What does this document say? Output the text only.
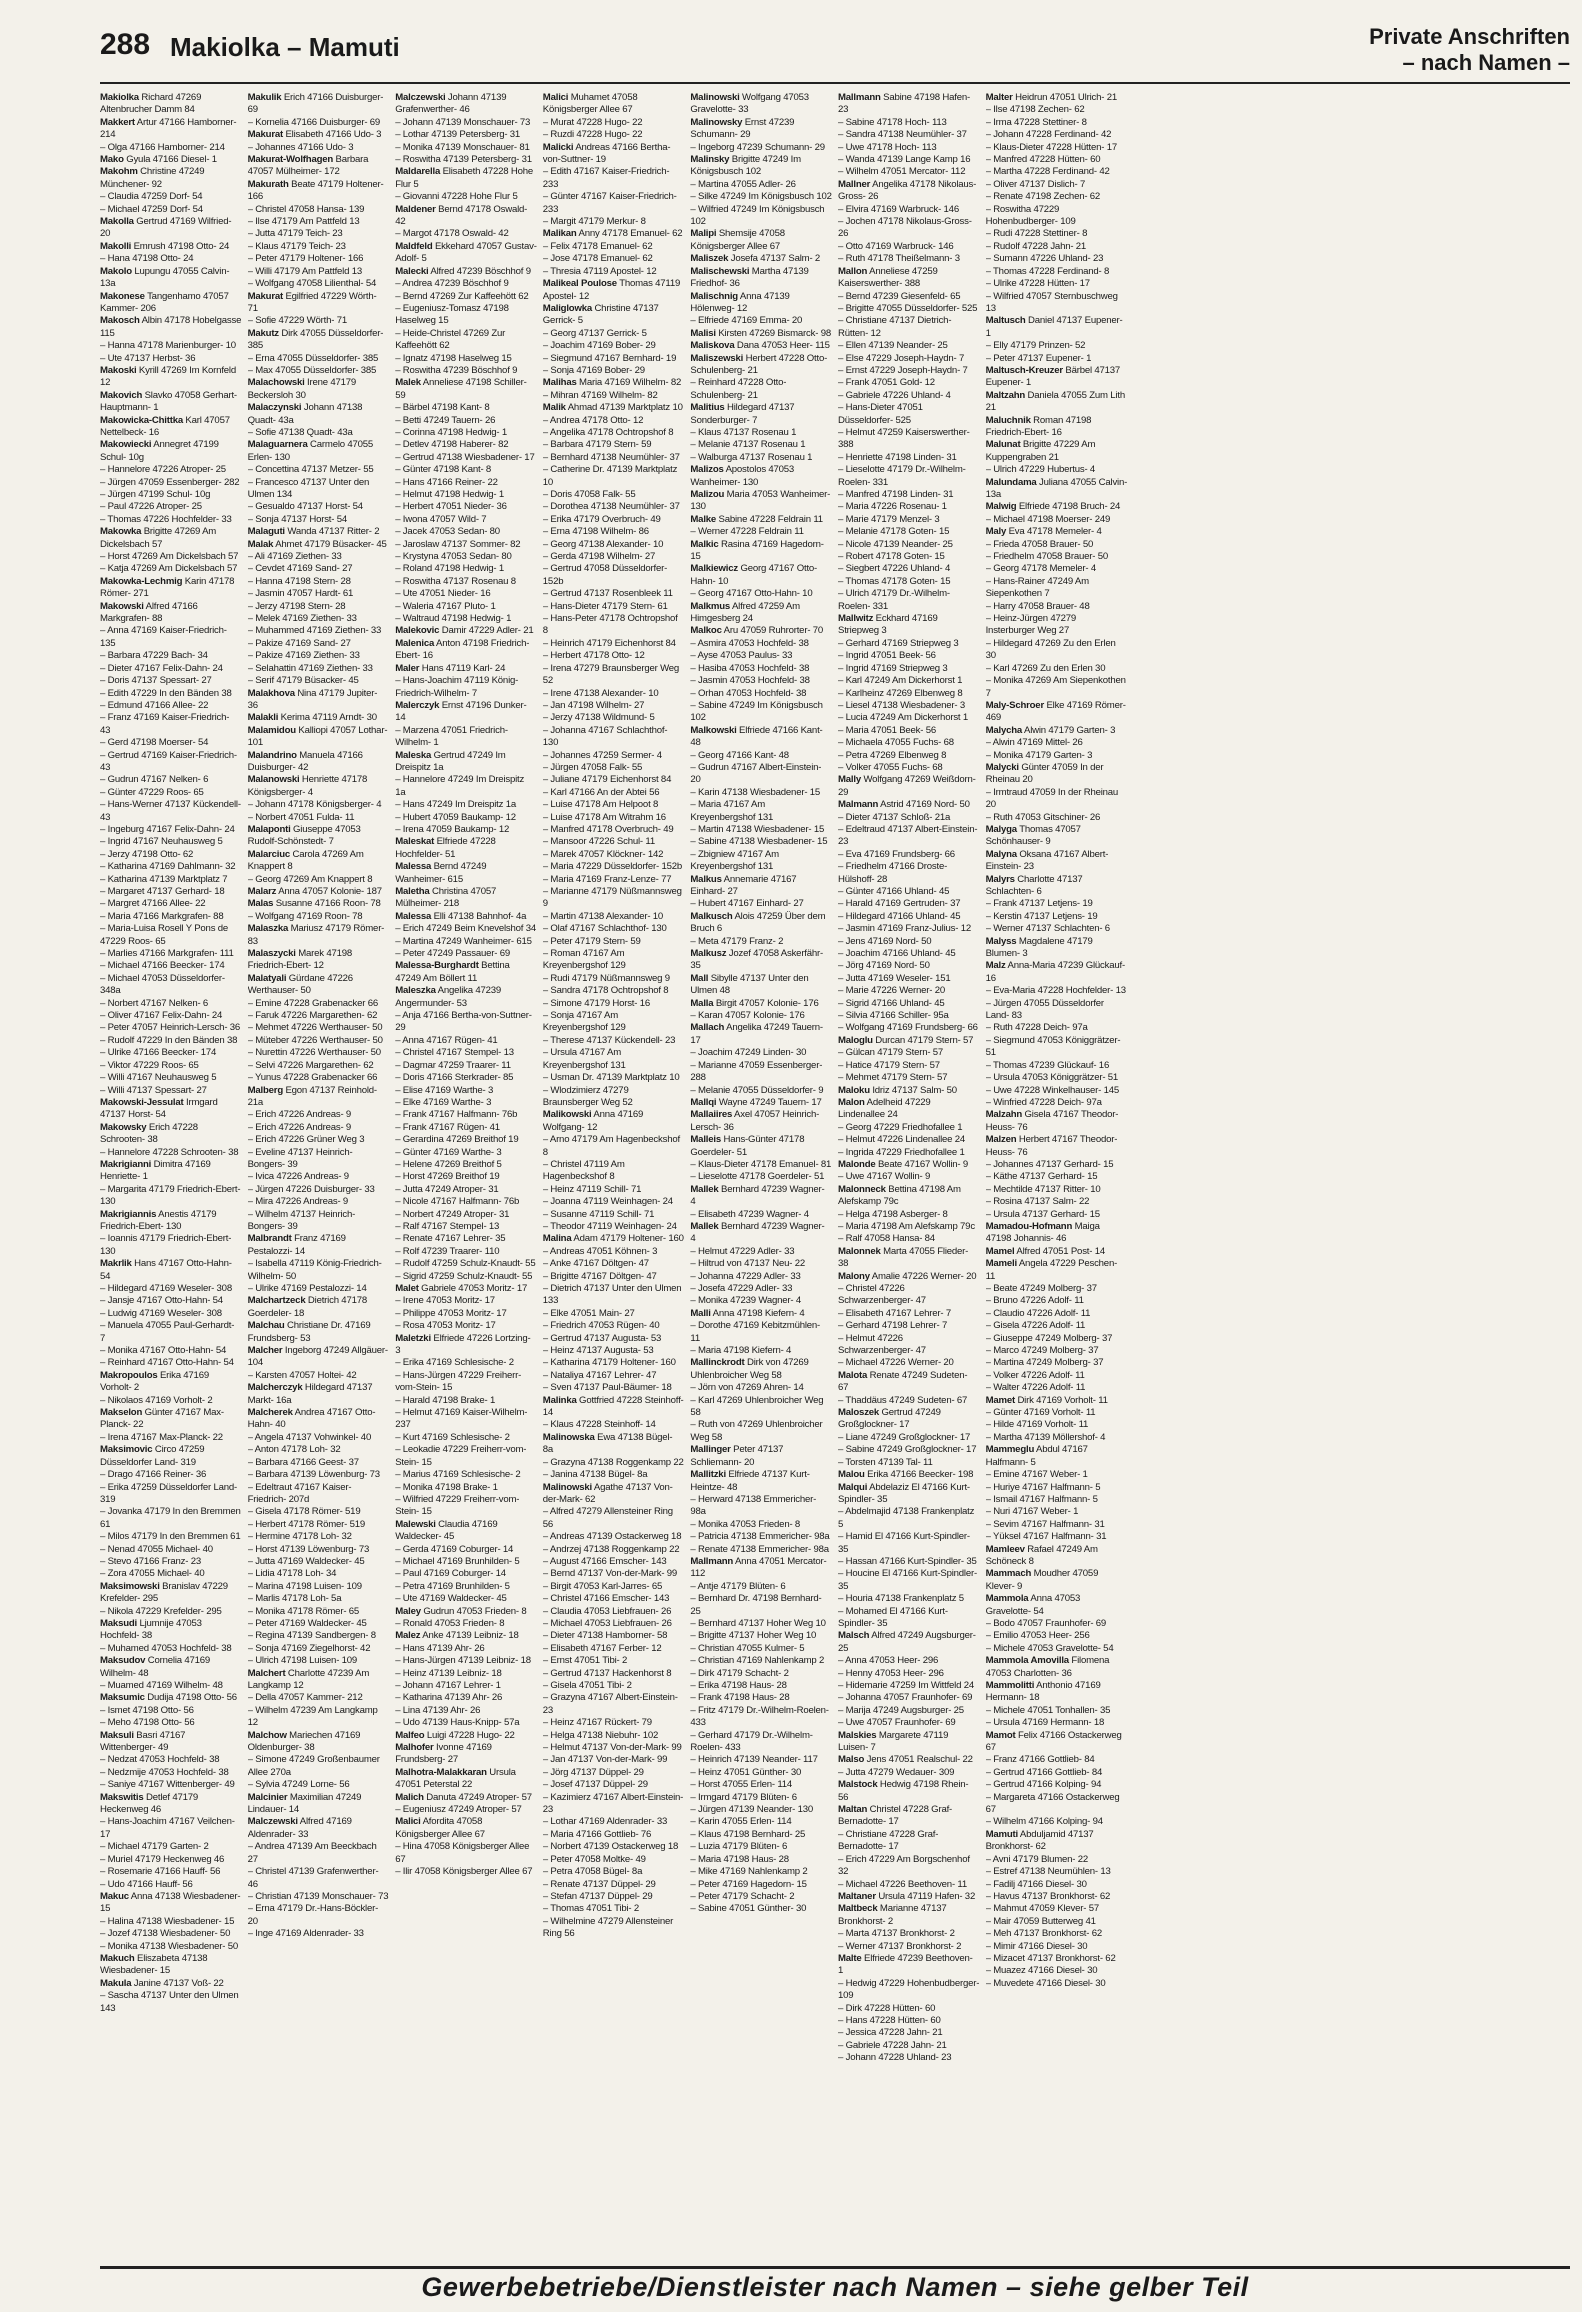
288 Makiolka – Mamuti	Private Anschriften
– nach Namen –
Makiolka Richard 47269 Altenbrucher Damm 84
Makkert Artur 47166 Hamborner- 214
– Olga 47166 Hamborner- 214
Mako Gyula 47166 Diesel- 1
Makohm Christine 47249 Münchener- 92
– Claudia 47259 Dorf- 54
– Michael 47259 Dorf- 54
Makolla Gertrud 47169 Wilfried- 20
Makolli Emrush 47198 Otto- 24
– Hana 47198 Otto- 24
Makolo Lupungu 47055 Calvin- 13a
Makonese Tangenhamo 47057 Kammer- 206
Makosch Albin 47178 Hobelgasse 115
– Hanna 47178 Marienburger- 10
– Ute 47137 Herbst- 36
Makoski Kyrill 47269 Im Kornfeld 12
Makovich Slavko 47058 Gerhart-Hauptmann- 1
Makowicka-Chittka Karl 47057 Nettelbeck- 16
Makowiecki Annegret 47199 Schul- 10g
– Hannelore 47226 Atroper- 25
– Jürgen 47059 Essenberger- 282
– Jürgen 47199 Schul- 10g
– Paul 47226 Atroper- 25
– Thomas 47226 Hochfelder- 33
Makowka Brigitte 47269 Am Dickelsbach 57
– Horst 47269 Am Dickelsbach 57
– Katja 47269 Am Dickelsbach 57
Makowka-Lechmig Karin 47178 Römer- 271
Makowski Alfred 47166 Markgrafen- 88
– Anna 47169 Kaiser-Friedrich- 135
– Barbara 47229 Bach- 34
– Dieter 47167 Felix-Dahn- 24
– Doris 47137 Spessart- 27
– Edith 47229 In den Bänden 38
– Edmund 47166 Allee- 22
– Franz 47169 Kaiser-Friedrich- 43
– Gerd 47198 Moerser- 54
– Gertrud 47169 Kaiser-Friedrich- 43
– Gudrun 47167 Nelken- 6
– Günter 47229 Roos- 65
– Hans-Werner 47137 Kückendell- 43
– Ingeburg 47167 Felix-Dahn- 24
– Ingrid 47167 Neuhausweg 5
– Jerzy 47198 Otto- 62
– Katharina 47169 Dahlmann- 32
– Katharina 47139 Marktplatz 7
– Margaret 47137 Gerhard- 18
– Margret 47166 Allee- 22
– Maria 47166 Markgrafen- 88
– Maria-Luisa Rosell Y Pons de 47229 Roos- 65
– Marlies 47166 Markgrafen- 111
– Michael 47166 Beecker- 174
– Michael 47053 Düsseldorfer- 348a
– Norbert 47167 Nelken- 6
– Oliver 47167 Felix-Dahn- 24
– Peter 47057 Heinrich-Lersch- 36
– Rudolf 47229 In den Bänden 38
– Ulrike 47166 Beecker- 174
– Viktor 47229 Roos- 65
– Willi 47167 Neuhausweg 5
– Willi 47137 Spessart- 27
Makowski-Jessulat Irmgard 47137 Horst- 54
Makowsky Erich 47228 Schrooten- 38
– Hannelore 47228 Schrooten- 38
Makrigianni Dimitra 47169 Henriette- 1
– Margarita 47179 Friedrich-Ebert- 130
Makrigiannis Anestis 47179 Friedrich-Ebert- 130
– Ioannis 47179 Friedrich-Ebert- 130
Makrlik Hans 47167 Otto-Hahn- 54
– Hildegard 47169 Weseler- 308
– Jansje 47167 Otto-Hahn- 54
– Ludwig 47169 Weseler- 308
– Manuela 47055 Paul-Gerhardt- 7
– Monika 47167 Otto-Hahn- 54
– Reinhard 47167 Otto-Hahn- 54
Makropoulos Erika 47169 Vorholt- 2
– Nikolaos 47169 Vorholt- 2
Makselon Günter 47167 Max-Planck- 22
– Irena 47167 Max-Planck- 22
Maksimovic Circo 47259 Düsseldorfer Land- 319
– Drago 47166 Reiner- 36
– Erika 47259 Düsseldorfer Land- 319
– Jovanka 47179 In den Bremmen 61
– Milos 47179 In den Bremmen 61
– Nenad 47055 Michael- 40
– Stevo 47166 Franz- 23
– Zora 47055 Michael- 40
Maksimowski Branislav 47229 Krefelder- 295
– Nikola 47229 Krefelder- 295
Maksudi Ljumnije 47053 Hochfeld- 38
– Muhamed 47053 Hochfeld- 38
Maksudov Cornelia 47169 Wilhelm- 48
– Muamed 47169 Wilhelm- 48
Maksumic Dudija 47198 Otto- 56
– Ismet 47198 Otto- 56
– Meho 47198 Otto- 56
Maksuli Basri 47167 Wittenberger- 49
– Nedzat 47053 Hochfeld- 38
– Nedzmije 47053 Hochfeld- 38
– Saniye 47167 Wittenberger- 49
Makswitis Detlef 47179 Heckenweg 46
– Hans-Joachim 47167 Veilchen- 17
– Michael 47179 Garten- 2
– Muriel 47179 Heckenweg 46
– Rosemarie 47166 Hauff- 56
– Udo 47166 Hauff- 56
Makuc Anna 47138 Wiesbadener- 15
– Halina 47138 Wiesbadener- 15
– Jozef 47138 Wiesbadener- 50
– Monika 47138 Wiesbadener- 50
Makuch Eliszabeta 47138 Wiesbadener- 15
Makula Janine 47137 Voß- 22
– Sascha 47137 Unter den Ulmen 143
Makulik Erich 47166 Duisburger- 69
– Kornelia 47166 Duisburger- 69
Makurat Elisabeth 47166 Udo- 3
– Johannes 47166 Udo- 3
Makurat-Wolfhagen Barbara 47057 Mülheimer- 172
Makurath Beate 47179 Holtener- 166
– Christel 47058 Hansa- 139
– Ilse 47179 Am Pattfeld 13
– Jutta 47179 Teich- 23
– Klaus 47179 Teich- 23
– Peter 47179 Holtener- 166
– Willi 47179 Am Pattfeld 13
– Wolfgang 47058 Lilienthal- 54
Makurat Egilfried 47229 Wörth- 71
– Sofie 47229 Wörth- 71
Makutz Dirk 47055 Düsseldorfer- 385
– Erna 47055 Düsseldorfer- 385
– Max 47055 Düsseldorfer- 385
Malachowski Irene 47179 Beckersloh 30
Malaczynski Johann 47138 Quadt- 43a
– Sofie 47138 Quadt- 43a
Malaguarnera Carmelo 47055 Erlen- 130
– Concettina 47137 Metzer- 55
– Francesco 47137 Unter den Ulmen 134
– Gesualdo 47137 Horst- 54
– Sonja 47137 Horst- 54
Malaguti Wanda 47137 Ritter- 2
Malak Ahmet 47179 Büsacker- 45
– Ali 47169 Ziethen- 33
– Cevdet 47169 Sand- 27
– Hanna 47198 Stern- 28
– Jasmin 47057 Hardt- 61
– Jerzy 47198 Stern- 28
– Melek 47169 Ziethen- 33
– Muhammed 47169 Ziethen- 33
– Pakize 47169 Sand- 27
– Pakize 47169 Ziethen- 33
– Selahattin 47169 Ziethen- 33
– Serif 47179 Büsacker- 45
Malakhova Nina 47179 Jupiter- 36
Malakli Kerima 47119 Arndt- 30
Malamidou Kalliopi 47057 Lothar- 101
Malandrino Manuela 47166 Duisburger- 42
Malanowski Henriette 47178 Königsberger- 4
– Johann 47178 Königsberger- 4
– Norbert 47051 Fulda- 11
Malaponti Giuseppe 47053 Rudolf-Schönstedt- 7
Malarciuc Carola 47269 Am Knappert 8
– Georg 47269 Am Knappert 8
Malarz Anna 47057 Kolonie- 187
Malas Susanne 47166 Roon- 78
– Wolfgang 47169 Roon- 78
Malaszka Mariusz 47179 Römer- 83
Malaszycki Marek 47198 Friedrich-Ebert- 12
Malatyali Gürdane 47226 Werthauser- 50
– Emine 47228 Grabenacker 66
– Faruk 47226 Margarethen- 62
– Mehmet 47226 Werthauser- 50
– Müteber 47226 Werthauser- 50
– Nurettin 47226 Werthauser- 50
– Selvi 47226 Margarethen- 62
– Yunus 47228 Grabenacker 66
Malberg Egon 47137 Reinhold- 21a
– Erich 47226 Andreas- 9
– Erich 47226 Andreas- 9
– Erich 47226 Grüner Weg 3
– Eveline 47137 Heinrich-Bongers- 39
– Ivica 47226 Andreas- 9
– Jürgen 47226 Duisburger- 33
– Mira 47226 Andreas- 9
– Wilhelm 47137 Heinrich-Bongers- 39
Malbrandt Franz 47169 Pestalozzi- 14
– Isabella 47119 König-Friedrich-Wilhelm- 50
– Ulrike 47169 Pestalozzi- 14
Malchartzeck Dietrich 47178 Goerdeler- 18
Malchau Christiane Dr. 47169 Frundsberg- 53
Malcher Ingeborg 47249 Allgäuer- 104
– Karsten 47057 Holtei- 42
Malcherczyk Hildegard 47137 Markt- 16a
Malcherek Andrea 47167 Otto-Hahn- 40
– Angela 47137 Vohwinkel- 40
– Anton 47178 Loh- 32
– Barbara 47166 Geest- 37
– Barbara 47139 Löwenburg- 73
– Edeltraut 47167 Kaiser-Friedrich- 207d
– Gisela 47178 Römer- 519
– Herbert 47178 Römer- 519
– Hermine 47178 Loh- 32
– Horst 47139 Löwenburg- 73
– Jutta 47169 Waldecker- 45
– Lidia 47178 Loh- 34
– Marina 47198 Luisen- 109
– Marlis 47178 Loh- 5a
– Monika 47178 Römer- 65
– Peter 47169 Waldecker- 45
– Regina 47139 Sandbergen- 8
– Sonja 47169 Ziegelhorst- 42
– Ulrich 47198 Luisen- 109
Malchert Charlotte 47239 Am Langkamp 12
– Della 47057 Kammer- 212
– Wilhelm 47239 Am Langkamp 12
Malchow Mariechen 47169 Oldenburger- 38
– Simone 47249 Großenbaumer Allee 270a
– Sylvia 47249 Lorne- 56
Malcinier Maximilian 47249 Lindauer- 14
Malczewski Alfred 47169 Aldenrader- 33
– Andrea 47139 Am Beeckbach 27
– Christel 47139 Grafenwerther- 46
– Christian 47139 Monschauer- 73
– Erna 47179 Dr.-Hans-Böckler- 20
– Inge 47169 Aldenrader- 33
Malczewski Johann 47139 Grafenwerther- 46
– Johann 47139 Monschauer- 73
– Lothar 47139 Petersberg- 31
– Monika 47139 Monschauer- 81
– Roswitha 47139 Petersberg- 31
Maldarella Elisabeth 47228 Hohe Flur 5
– Giovanni 47228 Hohe Flur 5
Maldener Bernd 47178 Oswald- 42
– Margot 47178 Oswald- 42
Maldfeld Ekkehard 47057 Gustav-Adolf- 5
Malecki Alfred 47239 Böschhof 9
– Andrea 47239 Böschhof 9
– Bernd 47269 Zur Kaffeehött 62
– Eugeniusz-Tomasz 47198 Haselweg 15
– Heide-Christel 47269 Zur Kaffeehött 62
– Ignatz 47198 Haselweg 15
– Roswitha 47239 Böschhof 9
Malek Anneliese 47198 Schiller- 59
– Bärbel 47198 Kant- 8
– Betti 47249 Tauern- 26
– Corinna 47198 Hedwig- 1
– Detlev 47198 Haberer- 82
– Gertrud 47138 Wiesbadener- 17
– Günter 47198 Kant- 8
– Hans 47166 Reiner- 22
– Helmut 47198 Hedwig- 1
– Herbert 47051 Nieder- 36
– Iwona 47057 Wild- 7
– Jacek 47053 Sedan- 80
– Jaroslaw 47137 Sommer- 82
– Krystyna 47053 Sedan- 80
– Roland 47198 Hedwig- 1
– Roswitha 47137 Rosenau 8
– Ute 47051 Nieder- 16
– Waleria 47167 Pluto- 1
– Waltraud 47198 Hedwig- 1
Malekovic Damir 47229 Adler- 21
Malenica Anton 47198 Friedrich-Ebert- 16
Maler Hans 47119 Karl- 24
– Hans-Joachim 47119 König-Friedrich-Wilhelm- 7
Malerczyk Ernst 47196 Dunker- 14
– Marzena 47051 Friedrich-Wilhelm- 1
Maleska Gertrud 47249 Im Dreispitz 1a
– Hannelore 47249 Im Dreispitz 1a
– Hans 47249 Im Dreispitz 1a
– Hubert 47059 Baukamp- 12
– Irena 47059 Baukamp- 12
Maleskat Elfriede 47228 Hochfelder- 51
Malessa Bernd 47249 Wanheimer- 615
Maletha Christina 47057 Mülheimer- 218
Malessa Elli 47138 Bahnhof- 4a
– Erich 47249 Beim Knevelshof 34
– Martina 47249 Wanheimer- 615
– Peter 47249 Passauer- 69
Malessa-Burghardt Bettina 47249 Am Böllert 11
Maleszka Angelika 47239 Angermunder- 53
– Anja 47166 Bertha-von-Suttner- 29
– Anna 47167 Rügen- 41
– Christel 47167 Stempel- 13
– Dagmar 47259 Traarer- 11
– Doris 47166 Sterkrader- 85
– Elise 47169 Warthe- 3
– Elke 47169 Warthe- 3
– Frank 47167 Halfmann- 76b
– Frank 47167 Rügen- 41
– Gerardina 47269 Breithof 19
– Günter 47169 Warthe- 3
– Helene 47269 Breithof 5
– Horst 47269 Breithof 19
– Jutta 47249 Atroper- 31
– Nicole 47167 Halfmann- 76b
– Norbert 47249 Atroper- 31
– Ralf 47167 Stempel- 13
– Renate 47167 Lehrer- 35
– Rolf 47239 Traarer- 110
– Rudolf 47259 Schulz-Knaudt- 55
– Sigrid 47259 Schulz-Knaudt- 55
Malet Gabriele 47053 Moritz- 17
– Irene 47053 Moritz- 17
– Philippe 47053 Moritz- 17
– Rosa 47053 Moritz- 17
Maletzki Elfriede 47226 Lortzing- 3
– Erika 47169 Schlesische- 2
– Hans-Jürgen 47229 Freiherr-vom-Stein- 15
– Harald 47198 Brake- 1
– Helmut 47169 Kaiser-Wilhelm- 237
– Kurt 47169 Schlesische- 2
– Leokadie 47229 Freiherr-vom-Stein- 15
– Marius 47169 Schlesische- 2
– Monika 47198 Brake- 1
– Wilfried 47229 Freiherr-vom-Stein- 15
Malewski Claudia 47169 Waldecker- 45
– Gerda 47169 Coburger- 14
– Michael 47169 Brunhilden- 5
– Paul 47169 Coburger- 14
– Petra 47169 Brunhilden- 5
– Ute 47169 Waldecker- 45
Maley Gudrun 47053 Frieden- 8
– Ronald 47053 Frieden- 8
Malez Anke 47139 Leibniz- 18
– Hans 47139 Ahr- 26
– Hans-Jürgen 47139 Leibniz- 18
– Heinz 47139 Leibniz- 18
– Johann 47167 Lehrer- 1
– Katharina 47139 Ahr- 26
– Lina 47139 Ahr- 26
– Udo 47139 Haus-Knipp- 57a
Malfeo Luigi 47228 Hugo- 22
Malhofer Ivonne 47169 Frundsberg- 27
Malhotra-Malakkaran Ursula 47051 Peterstal 22
Malich Danuta 47249 Atroper- 57
– Eugeniusz 47249 Atroper- 57
Malici Afordita 47058 Königsberger Allee 67
– Hina 47058 Königsberger Allee 67
– Ilir 47058 Königsberger Allee 67
Malici Muhamet 47058 Königsberger Allee 67
– Murat 47228 Hugo- 22
– Ruzdi 47228 Hugo- 22
Malicki Andreas 47166 Bertha-von-Suttner- 19
– Edith 47167 Kaiser-Friedrich- 233
– Günter 47167 Kaiser-Friedrich- 233
– Margit 47179 Merkur- 8
Malikan Anny 47178 Emanuel- 62
– Felix 47178 Emanuel- 62
– Jose 47178 Emanuel- 62
– Thresia 47119 Apostel- 12
Malikeal Poulose Thomas 47119 Apostel- 12
Maliglowka Christine 47137 Gerrick- 5
– Georg 47137 Gerrick- 5
– Joachim 47169 Bober- 29
– Siegmund 47167 Bernhard- 19
– Sonja 47169 Bober- 29
Malihas Maria 47169 Wilhelm- 82
– Mihran 47169 Wilhelm- 82
Malik Ahmad 47139 Marktplatz 10
– Andrea 47178 Otto- 12
– Angelika 47178 Ochtropshof 8
– Barbara 47179 Stern- 59
– Bernhard 47138 Neumühler- 37
– Catherine Dr. 47139 Marktplatz 10
– Doris 47058 Falk- 55
– Dorothea 47138 Neumühler- 37
– Erika 47179 Overbruch- 49
– Erna 47198 Wilhelm- 86
– Georg 47138 Alexander- 10
– Gerda 47198 Wilhelm- 27
– Gertrud 47058 Düsseldorfer- 152b
– Gertrud 47137 Rosenbleek 11
– Hans-Dieter 47179 Stern- 61
– Hans-Peter 47178 Ochtropshof 8
– Heinrich 47179 Eichenhorst 84
– Herbert 47178 Otto- 12
– Irena 47279 Braunsberger Weg 52
– Irene 47138 Alexander- 10
– Jan 47198 Wilhelm- 27
– Jerzy 47138 Wildmund- 5
– Johanna 47167 Schlachthof- 130
– Johannes 47259 Sermer- 4
– Jürgen 47058 Falk- 55
– Juliane 47179 Eichenhorst 84
– Karl 47166 An der Abtei 56
– Luise 47178 Am Helpoot 8
– Luise 47178 Am Witrahm 16
– Manfred 47178 Overbruch- 49
– Mansoor 47226 Schul- 11
– Marek 47057 Klöckner- 142
– Maria 47229 Düsseldorfer- 152b
– Maria 47169 Franz-Lenze- 77
– Marianne 47179 Nüßmannsweg 9
– Martin 47138 Alexander- 10
– Olaf 47167 Schlachthof- 130
– Peter 47179 Stern- 59
– Roman 47167 Am Kreyenbergshof 129
– Rudi 47179 Nüßmannsweg 9
– Sandra 47178 Ochtropshof 8
– Simone 47179 Horst- 16
– Sonja 47167 Am Kreyenbergshof 129
– Therese 47137 Kückendell- 23
– Ursula 47167 Am Kreyenbergshof 131
– Usman Dr. 47139 Marktplatz 10
– Wlodzimierz 47279 Braunsberger Weg 52
Malikowski Anna 47169 Wolfgang- 12
– Arno 47179 Am Hagenbeckshof 8
– Christel 47119 Am Hagenbeckshof 8
– Heinz 47119 Schill- 71
– Joanna 47119 Weinhagen- 24
– Susanne 47119 Schill- 71
– Theodor 47119 Weinhagen- 24
Malina Adam 47179 Holtener- 160
– Andreas 47051 Köhnen- 3
– Anke 47167 Döltgen- 47
– Brigitte 47167 Döltgen- 47
– Dietrich 47137 Unter den Ulmen 133
– Elke 47051 Main- 27
– Friedrich 47053 Rügen- 40
– Gertrud 47137 Augusta- 53
– Heinz 47137 Augusta- 53
– Katharina 47179 Holtener- 160
– Nataliya 47167 Lehrer- 47
– Sven 47137 Paul-Bäumer- 18
Malinka Gottfried 47228 Steinhoff- 14
– Klaus 47228 Steinhoff- 14
Malinowska Ewa 47138 Bügel- 8a
– Grazyna 47138 Roggenkamp 22
– Janina 47138 Bügel- 8a
Malinowski Agathe 47137 Von-der-Mark- 62
– Alfred 47279 Allensteiner Ring 56
– Andreas 47139 Ostackerweg 18
– Andrzej 47138 Roggenkamp 22
– August 47166 Emscher- 143
– Bernd 47137 Von-der-Mark- 99
– Birgit 47053 Karl-Jarres- 65
– Christel 47166 Emscher- 143
– Claudia 47053 Liebfrauen- 26
– Michael 47053 Liebfrauen- 26
– Dieter 47138 Hamborner- 58
– Elisabeth 47167 Ferber- 12
– Ernst 47051 Tibi- 2
– Gertrud 47137 Hackenhorst 8
– Gisela 47051 Tibi- 2
– Grazyna 47167 Albert-Einstein- 23
– Heinz 47167 Rückert- 79
– Helga 47138 Niebuhr- 102
– Helmut 47137 Von-der-Mark- 99
– Jan 47137 Von-der-Mark- 99
– Jörg 47137 Düppel- 29
– Josef 47137 Düppel- 29
– Kazimierz 47167 Albert-Einstein- 23
– Lothar 47169 Aldenrader- 33
– Maria 47166 Gottlieb- 76
– Norbert 47139 Ostackerweg 18
– Peter 47058 Moltke- 49
– Petra 47058 Bügel- 8a
– Renate 47137 Düppel- 29
– Stefan 47137 Düppel- 29
– Thomas 47051 Tibi- 2
– Wilhelmine 47279 Allensteiner Ring 56
Malinowski Wolfgang 47053 Gravelotte- 33
Malinowsky Ernst 47239 Schumann- 29
– Ingeborg 47239 Schumann- 29
Malinsky Brigitte 47249 Im Königsbusch 102
– Martina 47055 Adler- 26
– Silke 47249 Im Königsbusch 102
– Wilfried 47249 Im Königsbusch 102
Malipi Shemsije 47058 Königsberger Allee 67
Maliszek Josefa 47137 Salm- 2
Malischewski Martha 47139 Friedhof- 36
Malischnig Anna 47139 Hölenweg- 12
– Elfriede 47169 Emma- 20
Malisi Kirsten 47269 Bismarck- 98
Maliskova Dana 47053 Heer- 115
Maliszewski Herbert 47228 Otto-Schulenberg- 21
– Reinhard 47228 Otto-Schulenberg- 21
Malitius Hildegard 47137 Sonderburger- 7
– Klaus 47137 Rosenau 1
– Melanie 47137 Rosenau 1
– Walburga 47137 Rosenau 1
Malizos Apostolos 47053 Wanheimer- 130
Malizou Maria 47053 Wanheimer- 130
Malke Sabine 47228 Feldrain 11
– Werner 47228 Feldrain 11
Malkic Rasina 47169 Hagedorn- 15
Malkiewicz Georg 47167 Otto-Hahn- 10
– Georg 47167 Otto-Hahn- 10
Malkmus Alfred 47259 Am Himgesberg 24
Malkoc Aru 47059 Ruhrorter- 70
– Asmira 47053 Hochfeld- 38
– Ayse 47053 Paulus- 33
– Hasiba 47053 Hochfeld- 38
– Jasmin 47053 Hochfeld- 38
– Orhan 47053 Hochfeld- 38
– Sabine 47249 Im Königsbusch 102
Malkowski Elfriede 47166 Kant- 48
– Georg 47166 Kant- 48
– Gudrun 47167 Albert-Einstein- 20
– Karin 47138 Wiesbadener- 15
– Maria 47167 Am Kreyenbergshof 131
– Martin 47138 Wiesbadener- 15
– Sabine 47138 Wiesbadener- 15
– Zbigniew 47167 Am Kreyenbergshof 131
Malkus Annemarie 47167 Einhard- 27
– Hubert 47167 Einhard- 27
Malkusch Alois 47259 Über dem Bruch 6
– Meta 47179 Franz- 2
Malkusz Jozef 47058 Askerfähr- 35
Mall Sibylle 47137 Unter den Ulmen 48
Malla Birgit 47057 Kolonie- 176
– Karan 47057 Kolonie- 176
Mallach Angelika 47249 Tauern- 17
– Joachim 47249 Linden- 30
– Marianne 47059 Essenberger- 288
– Melanie 47055 Düsseldorfer- 9
Mallqi Wayne 47249 Tauern- 17
Mallaiires Axel 47057 Heinrich-Lersch- 36
Malleis Hans-Günter 47178 Goerdeler- 51
– Klaus-Dieter 47178 Emanuel- 81
– Lieselotte 47178 Goerdeler- 51
Mallek Bernhard 47239 Wagner- 4
– Elisabeth 47239 Wagner- 4
Mallek Bernhard 47239 Wagner- 4
– Helmut 47229 Adler- 33
– Hiltrud von 47137 Neu- 22
– Johanna 47229 Adler- 33
– Josefa 47229 Adler- 33
– Monika 47239 Wagner- 4
Malli Anna 47198 Kiefern- 4
– Dorothe 47169 Kebitzmühlen- 11
– Maria 47198 Kiefern- 4
Mallinckrodt Dirk von 47269 Uhlenbroicher Weg 58
– Jörn von 47269 Ahren- 14
– Karl 47269 Uhlenbroicher Weg 58
– Ruth von 47269 Uhlenbroicher Weg 58
Mallinger Peter 47137 Schliemann- 20
Mallitzki Elfriede 47137 Kurt-Heintze- 48
– Herward 47138 Emmericher- 98a
– Monika 47053 Frieden- 8
– Patricia 47138 Emmericher- 98a
– Renate 47138 Emmericher- 98a
Mallmann Anna 47051 Mercator- 112
– Antje 47179 Blüten- 6
– Bernhard Dr. 47198 Bernhard- 25
– Bernhard 47137 Hoher Weg 10
– Brigitte 47137 Hoher Weg 10
– Christian 47055 Kulmer- 5
– Christian 47169 Nahlenkamp 2
– Dirk 47179 Schacht- 2
– Erika 47198 Haus- 28
– Frank 47198 Haus- 28
– Fritz 47179 Dr.-Wilhelm-Roelen- 433
– Gerhard 47179 Dr.-Wilhelm-Roelen- 433
– Heinrich 47139 Neander- 117
– Heinz 47051 Günther- 30
– Horst 47055 Erlen- 114
– Irmgard 47179 Blüten- 6
– Jürgen 47139 Neander- 130
– Karin 47055 Erlen- 114
– Klaus 47198 Bernhard- 25
– Luzia 47179 Blüten- 6
– Maria 47198 Haus- 28
– Mike 47169 Nahlenkamp 2
– Peter 47169 Hagedorn- 15
– Peter 47179 Schacht- 2
– Sabine 47051 Günther- 30
Mallmann Sabine 47198 Hafen- 23
– Sabine 47178 Hoch- 113
– Sandra 47138 Neumühler- 37
– Uwe 47178 Hoch- 113
– Wanda 47139 Lange Kamp 16
– Wilhelm 47051 Mercator- 112
Mallner Angelika 47178 Nikolaus-Gross- 26
– Elvira 47169 Warbruck- 146
– Jochen 47178 Nikolaus-Gross- 26
– Otto 47169 Warbruck- 146
– Ruth 47178 Theißelmann- 3
Mallon Anneliese 47259 Kaiserswerther- 388
– Bernd 47239 Giesenfeld- 65
– Brigitte 47055 Düsseldorfer- 525
– Christiane 47137 Dietrich-Rütten- 12
– Ellen 47139 Neander- 25
– Else 47229 Joseph-Haydn- 7
– Ernst 47229 Joseph-Haydn- 7
– Frank 47051 Gold- 12
– Gabriele 47226 Uhland- 4
– Hans-Dieter 47051 Düsseldorfer- 525
– Helmut 47259 Kaiserswerther- 388
– Henriette 47198 Linden- 31
– Lieselotte 47179 Dr.-Wilhelm-Roelen- 331
– Manfred 47198 Linden- 31
– Maria 47226 Rosenau- 1
– Marie 47179 Menzel- 3
– Melanie 47178 Goten- 15
– Nicole 47139 Neander- 25
– Robert 47178 Goten- 15
– Siegbert 47226 Uhland- 4
– Thomas 47178 Goten- 15
– Ulrich 47179 Dr.-Wilhelm-Roelen- 331
Mallwitz Eckhard 47169 Striepweg 3
– Gerhard 47169 Striepweg 3
– Ingrid 47051 Beek- 56
– Ingrid 47169 Striepweg 3
– Karl 47249 Am Dickerhorst 1
– Karlheinz 47269 Elbenweg 8
– Liesel 47138 Wiesbadener- 3
– Lucia 47249 Am Dickerhorst 1
– Maria 47051 Beek- 56
– Michaela 47055 Fuchs- 68
– Petra 47269 Elbenweg 8
– Volker 47055 Fuchs- 68
Mally Wolfgang 47269 Weißdorn- 29
Malmann Astrid 47169 Nord- 50
– Dieter 47137 Schloß- 21a
– Edeltraud 47137 Albert-Einstein- 23
– Eva 47169 Frundsberg- 66
– Friedhelm 47166 Droste-Hülshoff- 28
– Günter 47166 Uhland- 45
– Harald 47169 Gertruden- 37
– Hildegard 47166 Uhland- 45
– Jasmin 47169 Franz-Julius- 12
– Jens 47169 Nord- 50
– Joachim 47166 Uhland- 45
– Jörg 47169 Nord- 50
– Jutta 47169 Weseler- 151
– Marie 47226 Werner- 20
– Sigrid 47166 Uhland- 45
– Silvia 47166 Schiller- 95a
– Wolfgang 47169 Frundsberg- 66
Maloglu Durcan 47179 Stern- 57
– Gülcan 47179 Stern- 57
– Hatice 47179 Stern- 57
– Mehmet 47179 Stern- 57
Maloku Idriz 47137 Salm- 50
Malon Adelheid 47229 Lindenallee 24
– Georg 47229 Friedhofallee 1
– Helmut 47226 Lindenallee 24
– Ingrida 47229 Friedhofallee 1
Malonde Beate 47167 Wollin- 9
– Uwe 47167 Wollin- 9
Malonneck Bettina 47198 Am Alefskamp 79c
– Helga 47198 Asberger- 8
– Maria 47198 Am Alefskamp 79c
– Ralf 47058 Hansa- 84
Malonnek Marta 47055 Flieder- 38
Malony Amalie 47226 Werner- 20
– Christel 47226 Schwarzenberger- 47
– Elisabeth 47167 Lehrer- 7
– Gerhard 47198 Lehrer- 7
– Helmut 47226 Schwarzenberger- 47
– Michael 47226 Werner- 20
Malota Renate 47249 Sudeten- 67
– Thaddäus 47249 Sudeten- 67
Maloszek Gertrud 47249 Großglockner- 17
– Liane 47249 Großglockner- 17
– Sabine 47249 Großglockner- 17
– Torsten 47139 Tal- 11
Malou Erika 47166 Beecker- 198
Malqui Abdelaziz El 47166 Kurt-Spindler- 35
– Abdelmajid 47138 Frankenplatz 5
– Hamid El 47166 Kurt-Spindler- 35
– Hassan 47166 Kurt-Spindler- 35
– Houcine El 47166 Kurt-Spindler- 35
– Houria 47138 Frankenplatz 5
– Mohamed El 47166 Kurt-Spindler- 35
Malsch Alfred 47249 Augsburger- 25
– Anna 47053 Heer- 296
– Henny 47053 Heer- 296
– Hidemarie 47259 Im Wittfeld 24
– Johanna 47057 Fraunhofer- 69
– Marija 47249 Augsburger- 25
– Uwe 47057 Fraunhofer- 69
Malskies Margarete 47119 Luisen- 7
Malso Jens 47051 Realschul- 22
– Jutta 47279 Wedauer- 309
Malstock Hedwig 47198 Rhein- 56
Maltan Christel 47228 Graf-Bernadotte- 17
– Christiane 47228 Graf-Bernadotte- 17
– Erich 47229 Am Borgschenhof 32
– Michael 47226 Beethoven- 11
Maltaner Ursula 47119 Hafen- 32
Maltbeck Marianne 47137 Bronkhorst- 2
– Marta 47137 Bronkhorst- 2
– Werner 47137 Bronkhorst- 2
Malte Elfriede 47239 Beethoven- 1
– Hedwig 47229 Hohenbudberger- 109
– Dirk 47228 Hütten- 60
– Hans 47228 Hütten- 60
– Jessica 47228 Jahn- 21
– Gabriele 47228 Jahn- 21
– Johann 47228 Uhland- 23
Malter Heidrun 47051 Ulrich- 21
– Ilse 47198 Zechen- 62
– Irma 47228 Stettiner- 8
– Johann 47228 Ferdinand- 42
– Klaus-Dieter 47228 Hütten- 17
– Manfred 47228 Hütten- 60
– Martha 47228 Ferdinand- 42
– Oliver 47137 Dislich- 7
– Renate 47198 Zechen- 62
– Roswitha 47229 Hohenbudberger- 109
– Rudi 47228 Stettiner- 8
– Rudolf 47228 Jahn- 21
– Sumann 47226 Uhland- 23
– Thomas 47228 Ferdinand- 8
– Ulrike 47228 Hütten- 17
– Wilfried 47057 Sternbuschweg 13
Maltusch Daniel 47137 Eupener- 1
– Elly 47179 Prinzen- 52
– Peter 47137 Eupener- 1
Maltusch-Kreuzer Bärbel 47137 Eupener- 1
Maltzahn Daniela 47055 Zum Lith 21
Maluchnik Roman 47198 Friedrich-Ebert- 16
Malunat Brigitte 47229 Am Kuppengraben 21
– Ulrich 47229 Hubertus- 4
Malundama Juliana 47055 Calvin- 13a
Malwig Elfriede 47198 Bruch- 24
– Michael 47198 Moerser- 249
Maly Eva 47178 Memeler- 4
– Frieda 47058 Brauer- 50
– Friedhelm 47058 Brauer- 50
– Georg 47178 Memeler- 4
– Hans-Rainer 47249 Am Siepenkothen 7
– Harry 47058 Brauer- 48
– Heinz-Jürgen 47279 Insterburger Weg 27
– Hildegard 47269 Zu den Erlen 30
– Karl 47269 Zu den Erlen 30
– Monika 47269 Am Siepenkothen 7
Maly-Schroer Elke 47169 Römer- 469
Malycha Alwin 47179 Garten- 3
– Alwin 47169 Mittel- 26
– Monika 47179 Garten- 3
Malycki Günter 47059 In der Rheinau 20
– Irmtraud 47059 In der Rheinau 20
– Ruth 47053 Gitschiner- 26
Malyga Thomas 47057 Schönhauser- 9
Malyna Oksana 47167 Albert-Einstein- 23
Malyrs Charlotte 47137 Schlachten- 6
– Frank 47137 Letjens- 19
– Kerstin 47137 Letjens- 19
– Werner 47137 Schlachten- 6
Malyss Magdalene 47179 Blumen- 3
Malz Anna-Maria 47239 Glückauf- 16
– Eva-Maria 47228 Hochfelder- 13
– Jürgen 47055 Düsseldorfer Land- 83
– Ruth 47228 Deich- 97a
– Siegmund 47053 Königgrätzer- 51
– Thomas 47239 Glückauf- 16
– Ursula 47053 Königgrätzer- 51
– Uwe 47228 Winkelhauser- 145
– Winfried 47228 Deich- 97a
Malzahn Gisela 47167 Theodor-Heuss- 76
Malzen Herbert 47167 Theodor-Heuss- 76
– Johannes 47137 Gerhard- 15
– Käthe 47137 Gerhard- 15
– Mechtilde 47137 Ritter- 10
– Rosina 47137 Salm- 22
– Ursula 47137 Gerhard- 15
Mamadou-Hofmann Maiga 47198 Johannis- 46
Mamel Alfred 47051 Post- 14
Mameli Angela 47229 Peschen- 11
– Beate 47249 Molberg- 37
– Bruno 47226 Adolf- 11
– Claudio 47226 Adolf- 11
– Gisela 47226 Adolf- 11
– Giuseppe 47249 Molberg- 37
– Marco 47249 Molberg- 37
– Martina 47249 Molberg- 37
– Volker 47226 Adolf- 11
– Walter 47226 Adolf- 11
Mamet Dirk 47169 Vorholt- 11
– Günter 47169 Vorholt- 11
– Hilde 47169 Vorholt- 11
– Martha 47139 Möllershof- 4
Mammeglu Abdul 47167 Halfmann- 5
– Emine 47167 Weber- 1
– Huriye 47167 Halfmann- 5
– Ismail 47167 Halfmann- 5
– Nuri 47167 Weber- 1
– Sevim 47167 Halfmann- 31
– Yüksel 47167 Halfmann- 31
Mamleev Rafael 47249 Am Schöneck 8
Mammach Moudher 47059 Klever- 9
Mammola Anna 47053 Gravelotte- 54
– Bodo 47057 Fraunhofer- 69
– Emilio 47053 Heer- 256
– Michele 47053 Gravelotte- 54
Mammola Amovilla Filomena 47053 Charlotten- 36
Mammolitti Anthonio 47169 Hermann- 18
– Michele 47051 Tonhallen- 35
– Ursula 47169 Hermann- 18
Mamot Felix 47166 Ostackerweg 67
– Franz 47166 Gottlieb- 84
– Gertrud 47166 Gottlieb- 84
– Gertrud 47166 Kolping- 94
– Margareta 47166 Ostackerweg 67
– Wilhelm 47166 Kolping- 94
Mamuti Abduljamid 47137 Bronkhorst- 62
– Avni 47179 Blumen- 22
– Estref 47138 Neumühlen- 13
– Fadilj 47166 Diesel- 30
– Havus 47137 Bronkhorst- 62
– Mahmut 47059 Klever- 57
– Mair 47059 Butterweg 41
– Meh 47137 Bronkhorst- 62
– Mimir 47166 Diesel- 30
– Mizacet 47137 Bronkhorst- 62
– Muazez 47166 Diesel- 30
– Muvedete 47166 Diesel- 30
Gewerbebetriebe/Dienstleister nach Namen – siehe gelber Teil
